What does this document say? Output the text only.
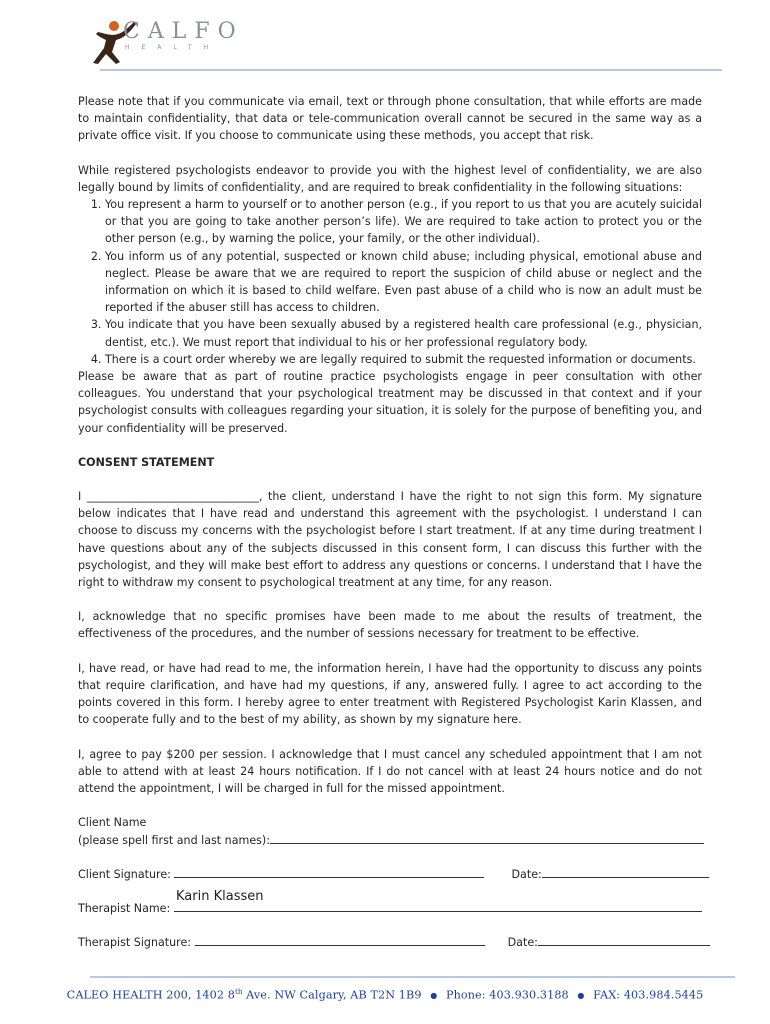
CALFO
HEALTH

Please note that if you communicate via email, text or through phone consultation, that while efforts are made to maintain confidentiality, that data or tele-communication overall cannot be secured in the same way as a private office visit. If you choose to communicate using these methods, you accept that risk.

While registered psychologists endeavor to provide you with the highest level of confidentiality, we are also legally bound by limits of confidentiality, and are required to break confidentiality in the following situations:

1. You represent a harm to yourself or to another person (e.g., if you report to us that you are acutely suicidal or that you are going to take another person’s life). We are required to take action to protect you or the other person (e.g., by warning the police, your family, or the other individual).
2. You inform us of any potential, suspected or known child abuse; including physical, emotional abuse and neglect. Please be aware that we are required to report the suspicion of child abuse or neglect and the information on which it is based to child welfare. Even past abuse of a child who is now an adult must be reported if the abuser still has access to children.
3. You indicate that you have been sexually abused by a registered health care professional (e.g., physician, dentist, etc.). We must report that individual to his or her professional regulatory body.
4. There is a court order whereby we are legally required to submit the requested information or documents.

Please be aware that as part of routine practice psychologists engage in peer consultation with other colleagues. You understand that your psychological treatment may be discussed in that context and if your psychologist consults with colleagues regarding your situation, it is solely for the purpose of benefiting you, and your confidentiality will be preserved.

CONSENT STATEMENT

I _______________________________, the client, understand I have the right to not sign this form. My signature below indicates that I have read and understand this agreement with the psychologist. I understand I can choose to discuss my concerns with the psychologist before I start treatment. If at any time during treatment I have questions about any of the subjects discussed in this consent form, I can discuss this further with the psychologist, and they will make best effort to address any questions or concerns. I understand that I have the right to withdraw my consent to psychological treatment at any time, for any reason.

I, acknowledge that no specific promises have been made to me about the results of treatment, the effectiveness of the procedures, and the number of sessions necessary for treatment to be effective.

I, have read, or have had read to me, the information herein, I have had the opportunity to discuss any points that require clarification, and have had my questions, if any, answered fully. I agree to act according to the points covered in this form. I hereby agree to enter treatment with Registered Psychologist Karin Klassen, and to cooperate fully and to the best of my ability, as shown by my signature here.

I, agree to pay $200 per session. I acknowledge that I must cancel any scheduled appointment that I am not able to attend with at least 24 hours notification. If I do not cancel with at least 24 hours notice and do not attend the appointment, I will be charged in full for the missed appointment.

Client Name
(please spell first and last names):
Client Signature:	Date:
Therapist Name:
Karin Klassen
Therapist Signature:	Date:
CALEO HEALTH 200, 1402 8th Ave. NW Calgary, AB T2N 1B9 ● Phone: 403.930.3188 ● FAX: 403.984.5445
